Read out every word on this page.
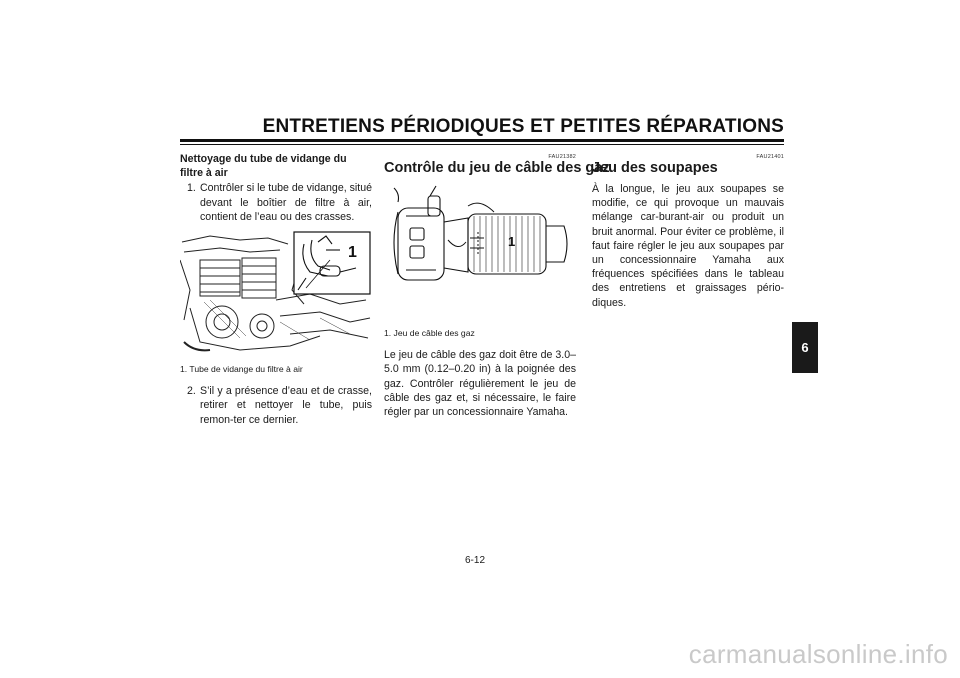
ENTRETIENS PÉRIODIQUES ET PETITES RÉPARATIONS

Nettoyage du tube de vidange du filtre à air

1. Contrôler si le tube de vidange, situé devant le boîtier de filtre à air, contient de l’eau ou des crasses.
1

1. Tube de vidange du filtre à air

2. S’il y a présence d’eau et de crasse, retirer et nettoyer le tube, puis remon-ter ce dernier.
FAU21382

Contrôle du jeu de câble des gaz

1

1. Jeu de câble des gaz

Le jeu de câble des gaz doit être de 3.0–5.0 mm (0.12–0.20 in) à la poignée des gaz. Contrôler régulièrement le jeu de câble des gaz et, si nécessaire, le faire régler par un concessionnaire Yamaha.

FAU21401

Jeu des soupapes

À la longue, le jeu aux soupapes se modifie, ce qui provoque un mauvais mélange car-burant-air ou produit un bruit anormal. Pour éviter ce problème, il faut faire régler le jeu aux soupapes par un concessionnaire Yamaha aux fréquences spécifiées dans le tableau des entretiens et graissages pério-diques.

6
6-12
carmanualsonline.info
